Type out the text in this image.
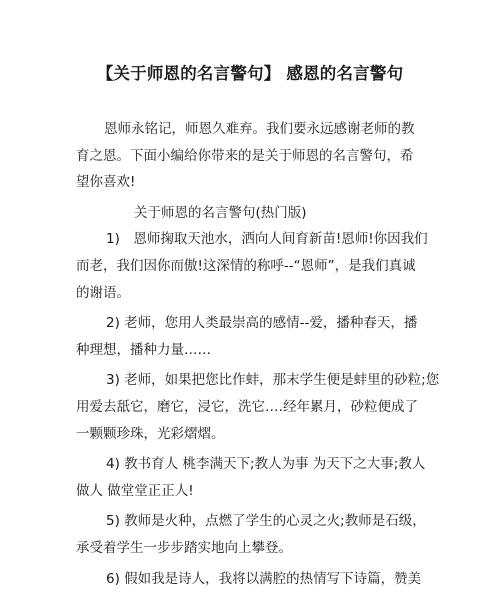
【关于师恩的名言警句】 感恩的名言警句
恩师永铭记，师恩久难弃。我们要永远感谢老师的教
育之恩。下面小编给你带来的是关于师恩的名言警句，希
望你喜欢!
关于师恩的名言警句(热门版)
1)　恩师掬取天池水，洒向人间育新苗!恩师!你因我们
而老，我们因你而傲!这深情的称呼--“恩师”，是我们真诚
的谢语。
2) 老师，您用人类最崇高的感情--爱，播种春天，播
种理想，播种力量……
3) 老师，如果把您比作蚌，那末学生便是蚌里的砂粒;您
用爱去舐它，磨它，浸它，洗它‥‥经年累月，砂粒便成了
一颗颗珍珠，光彩熠熠。
4) 教书育人 桃李满天下;教人为事 为天下之大事;教人
做人 做堂堂正正人!
5) 教师是火种，点燃了学生的心灵之火;教师是石级，
承受着学生一步步踏实地向上攀登。
6) 假如我是诗人，我将以满腔的热情写下诗篇，赞美
